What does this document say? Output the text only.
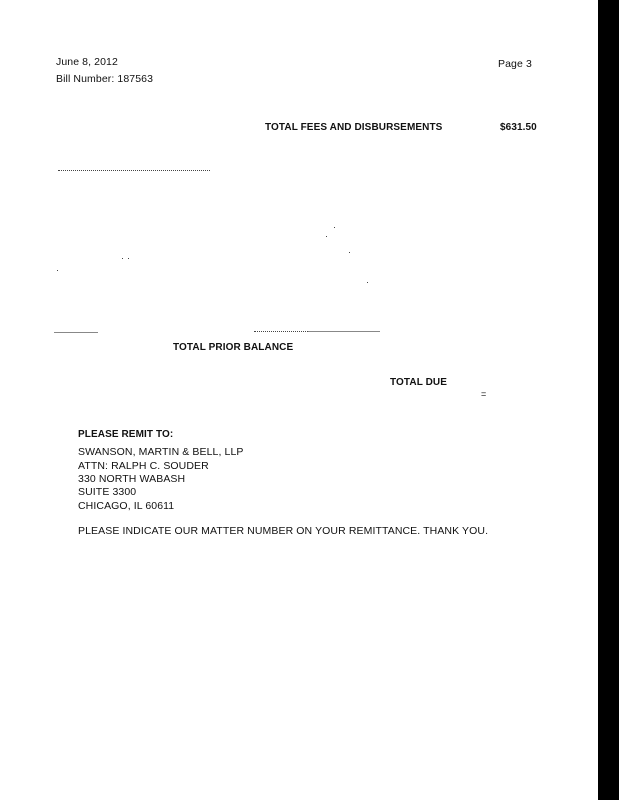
June 8, 2012	Page 3
Bill Number: 187563
TOTAL FEES AND DISBURSEMENTS	$631.50
TOTAL PRIOR BALANCE
TOTAL DUE
=
PLEASE REMIT TO:
SWANSON, MARTIN & BELL, LLP
ATTN: RALPH C. SOUDER
330 NORTH WABASH
SUITE 3300
CHICAGO, IL 60611
PLEASE INDICATE OUR MATTER NUMBER ON YOUR REMITTANCE. THANK YOU.
